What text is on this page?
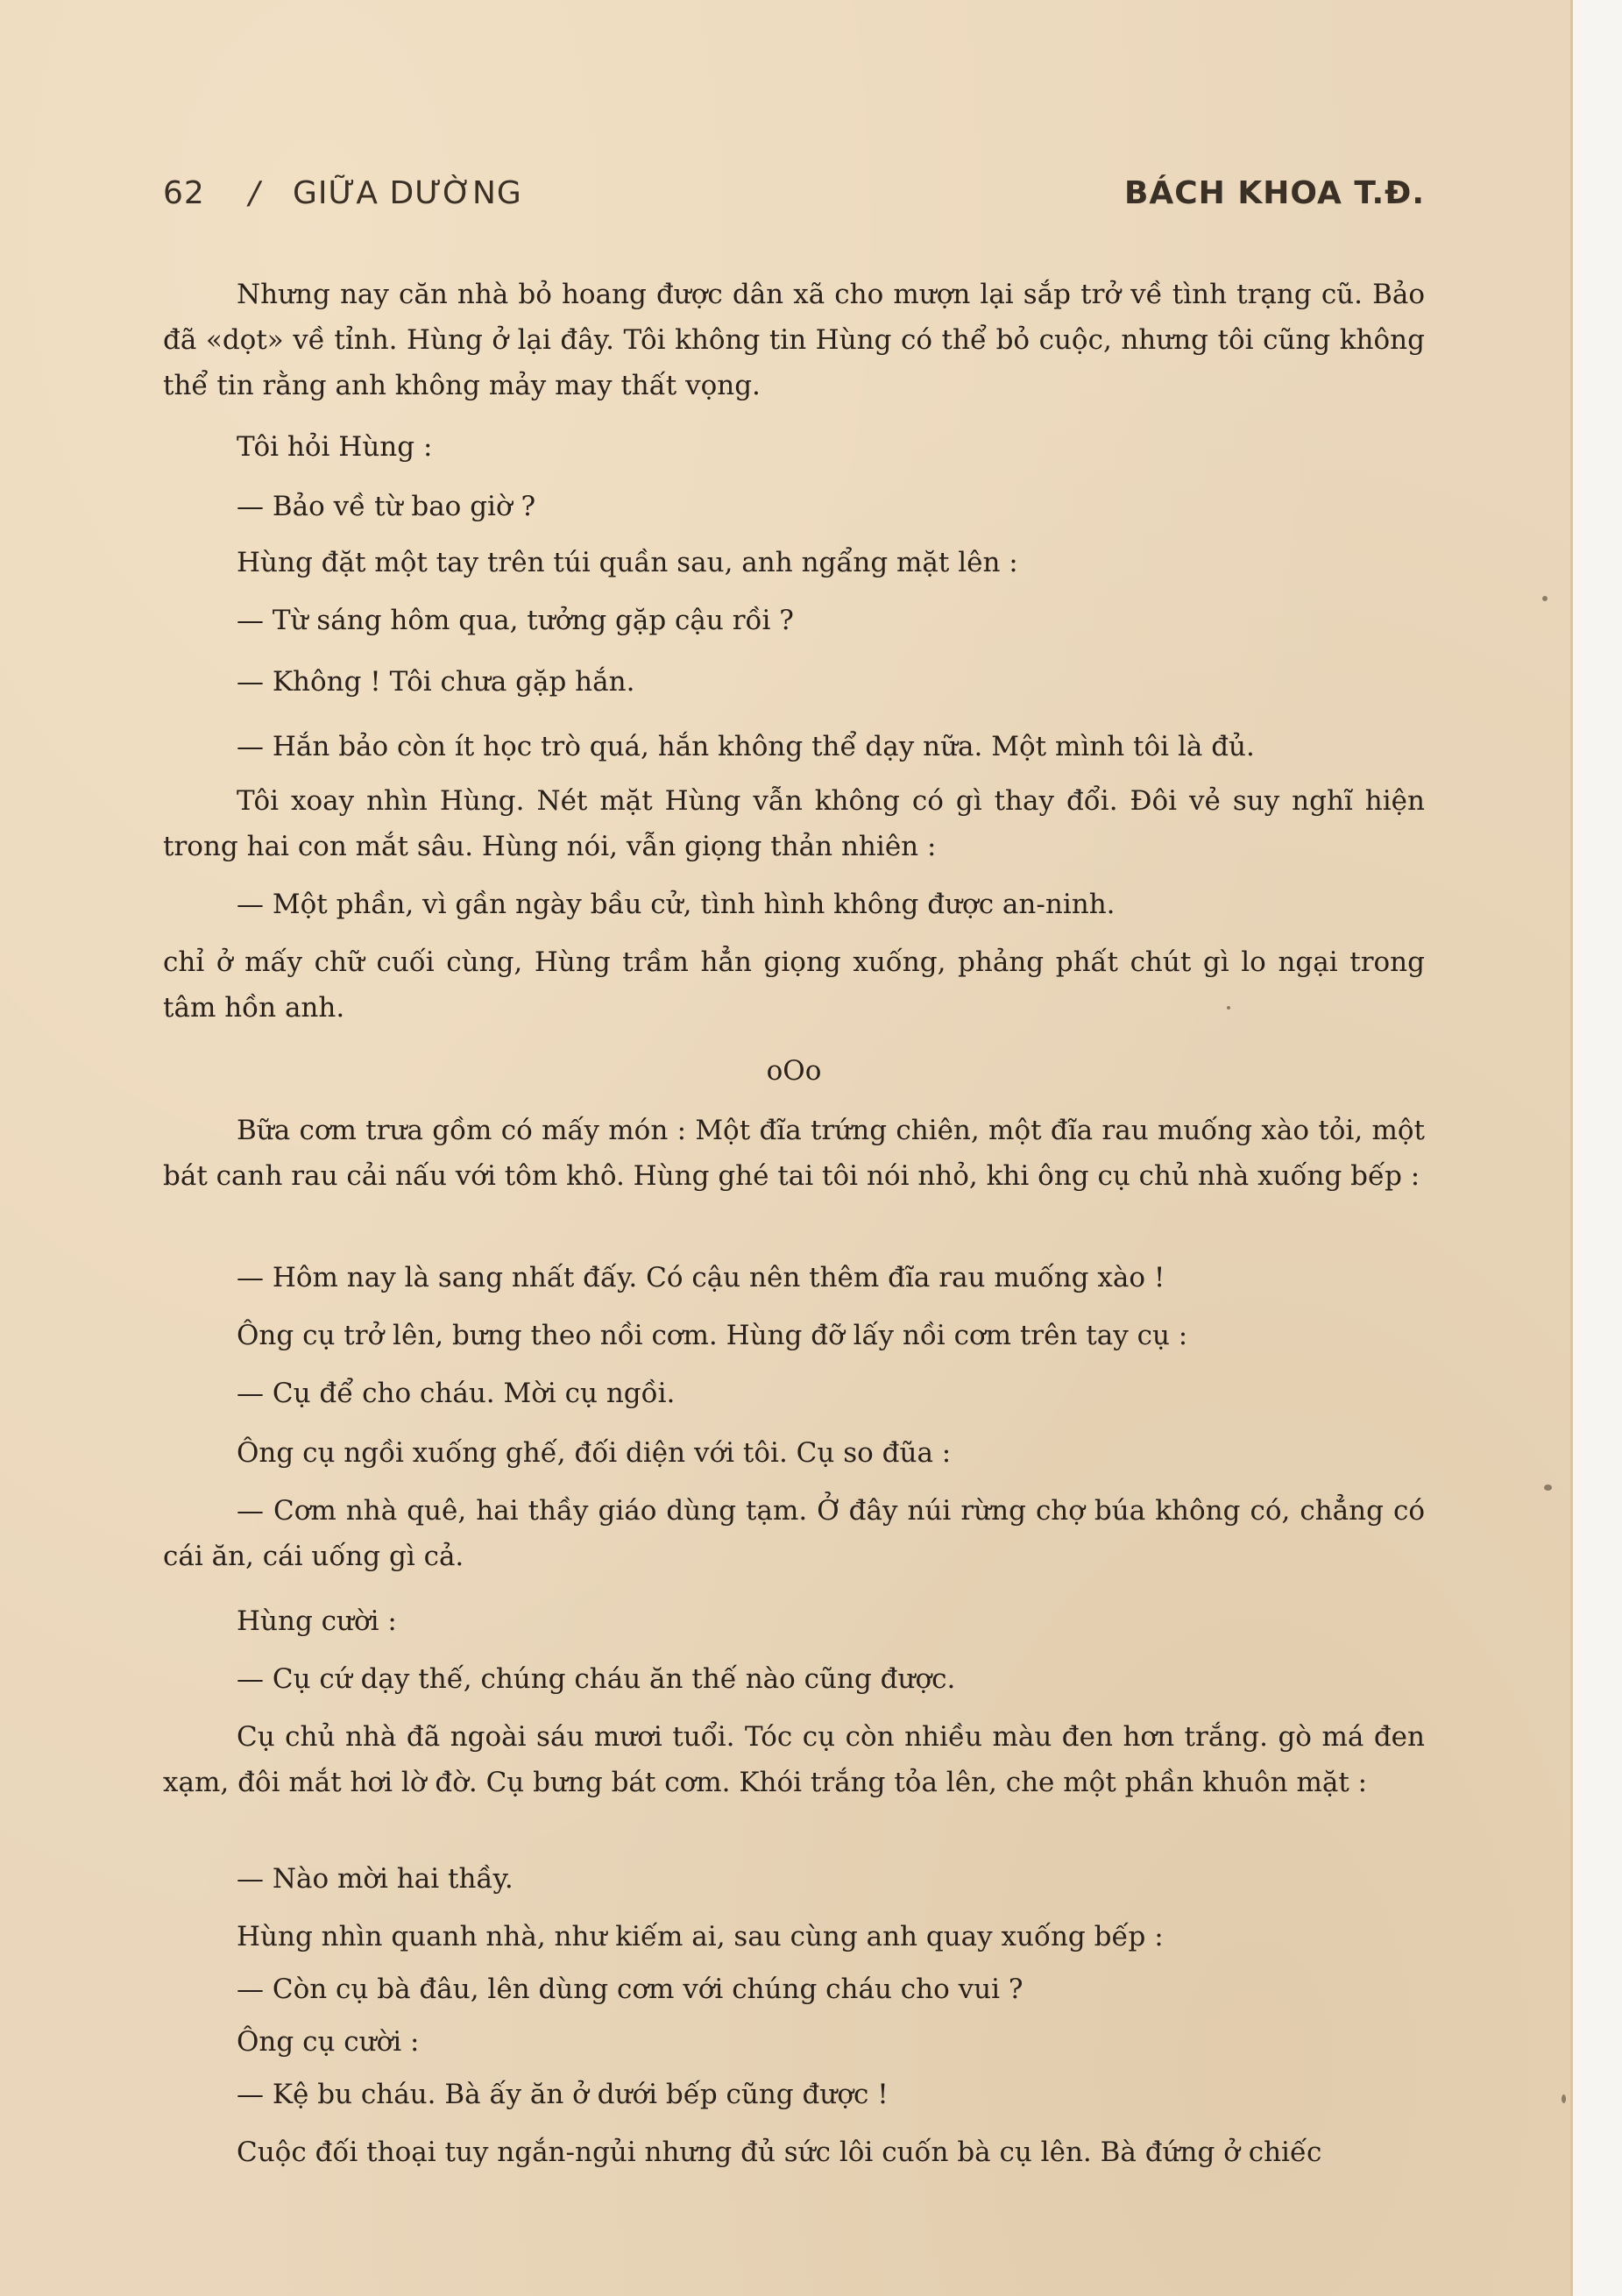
62 / GIỮA DƯỜNG	BÁCH KHOA T.Đ.

Nhưng nay căn nhà bỏ hoang được dân xã cho mượn lại sắp trở về tình trạng cũ. Bảo đã «dọt» về tỉnh. Hùng ở lại đây. Tôi không tin Hùng có thể bỏ cuộc, nhưng tôi cũng không thể tin rằng anh không mảy may thất vọng.

Tôi hỏi Hùng :

— Bảo về từ bao giờ ?

Hùng đặt một tay trên túi quần sau, anh ngẩng mặt lên :

— Từ sáng hôm qua, tưởng gặp cậu rồi ?

— Không ! Tôi chưa gặp hắn.

— Hắn bảo còn ít học trò quá, hắn không thể dạy nữa. Một mình tôi là đủ.

Tôi xoay nhìn Hùng. Nét mặt Hùng vẫn không có gì thay đổi. Đôi vẻ suy nghĩ hiện trong hai con mắt sâu. Hùng nói, vẫn giọng thản nhiên :

— Một phần, vì gần ngày bầu cử, tình hình không được an-ninh.

chỉ ở mấy chữ cuối cùng, Hùng trầm hẳn giọng xuống, phảng phất chút gì lo ngại trong tâm hồn anh.

oOo

Bữa cơm trưa gồm có mấy món : Một đĩa trứng chiên, một đĩa rau muống xào tỏi, một bát canh rau cải nấu với tôm khô. Hùng ghé tai tôi nói nhỏ, khi ông cụ chủ nhà xuống bếp :

— Hôm nay là sang nhất đấy. Có cậu nên thêm đĩa rau muống xào !

Ông cụ trở lên, bưng theo nồi cơm. Hùng đỡ lấy nồi cơm trên tay cụ :

— Cụ để cho cháu. Mời cụ ngồi.

Ông cụ ngồi xuống ghế, đối diện với tôi. Cụ so đũa :

— Cơm nhà quê, hai thầy giáo dùng tạm. Ở đây núi rừng chợ búa không có, chẳng có cái ăn, cái uống gì cả.

Hùng cười :

— Cụ cứ dạy thế, chúng cháu ăn thế nào cũng được.

Cụ chủ nhà đã ngoài sáu mươi tuổi. Tóc cụ còn nhiều màu đen hơn trắng. gò má đen xạm, đôi mắt hơi lờ đờ. Cụ bưng bát cơm. Khói trắng tỏa lên, che một phần khuôn mặt :

— Nào mời hai thầy.

Hùng nhìn quanh nhà, như kiếm ai, sau cùng anh quay xuống bếp :

— Còn cụ bà đâu, lên dùng cơm với chúng cháu cho vui ?

Ông cụ cười :

— Kệ bu cháu. Bà ấy ăn ở dưới bếp cũng được !

Cuộc đối thoại tuy ngắn-ngủi nhưng đủ sức lôi cuốn bà cụ lên. Bà đứng ở chiếc
